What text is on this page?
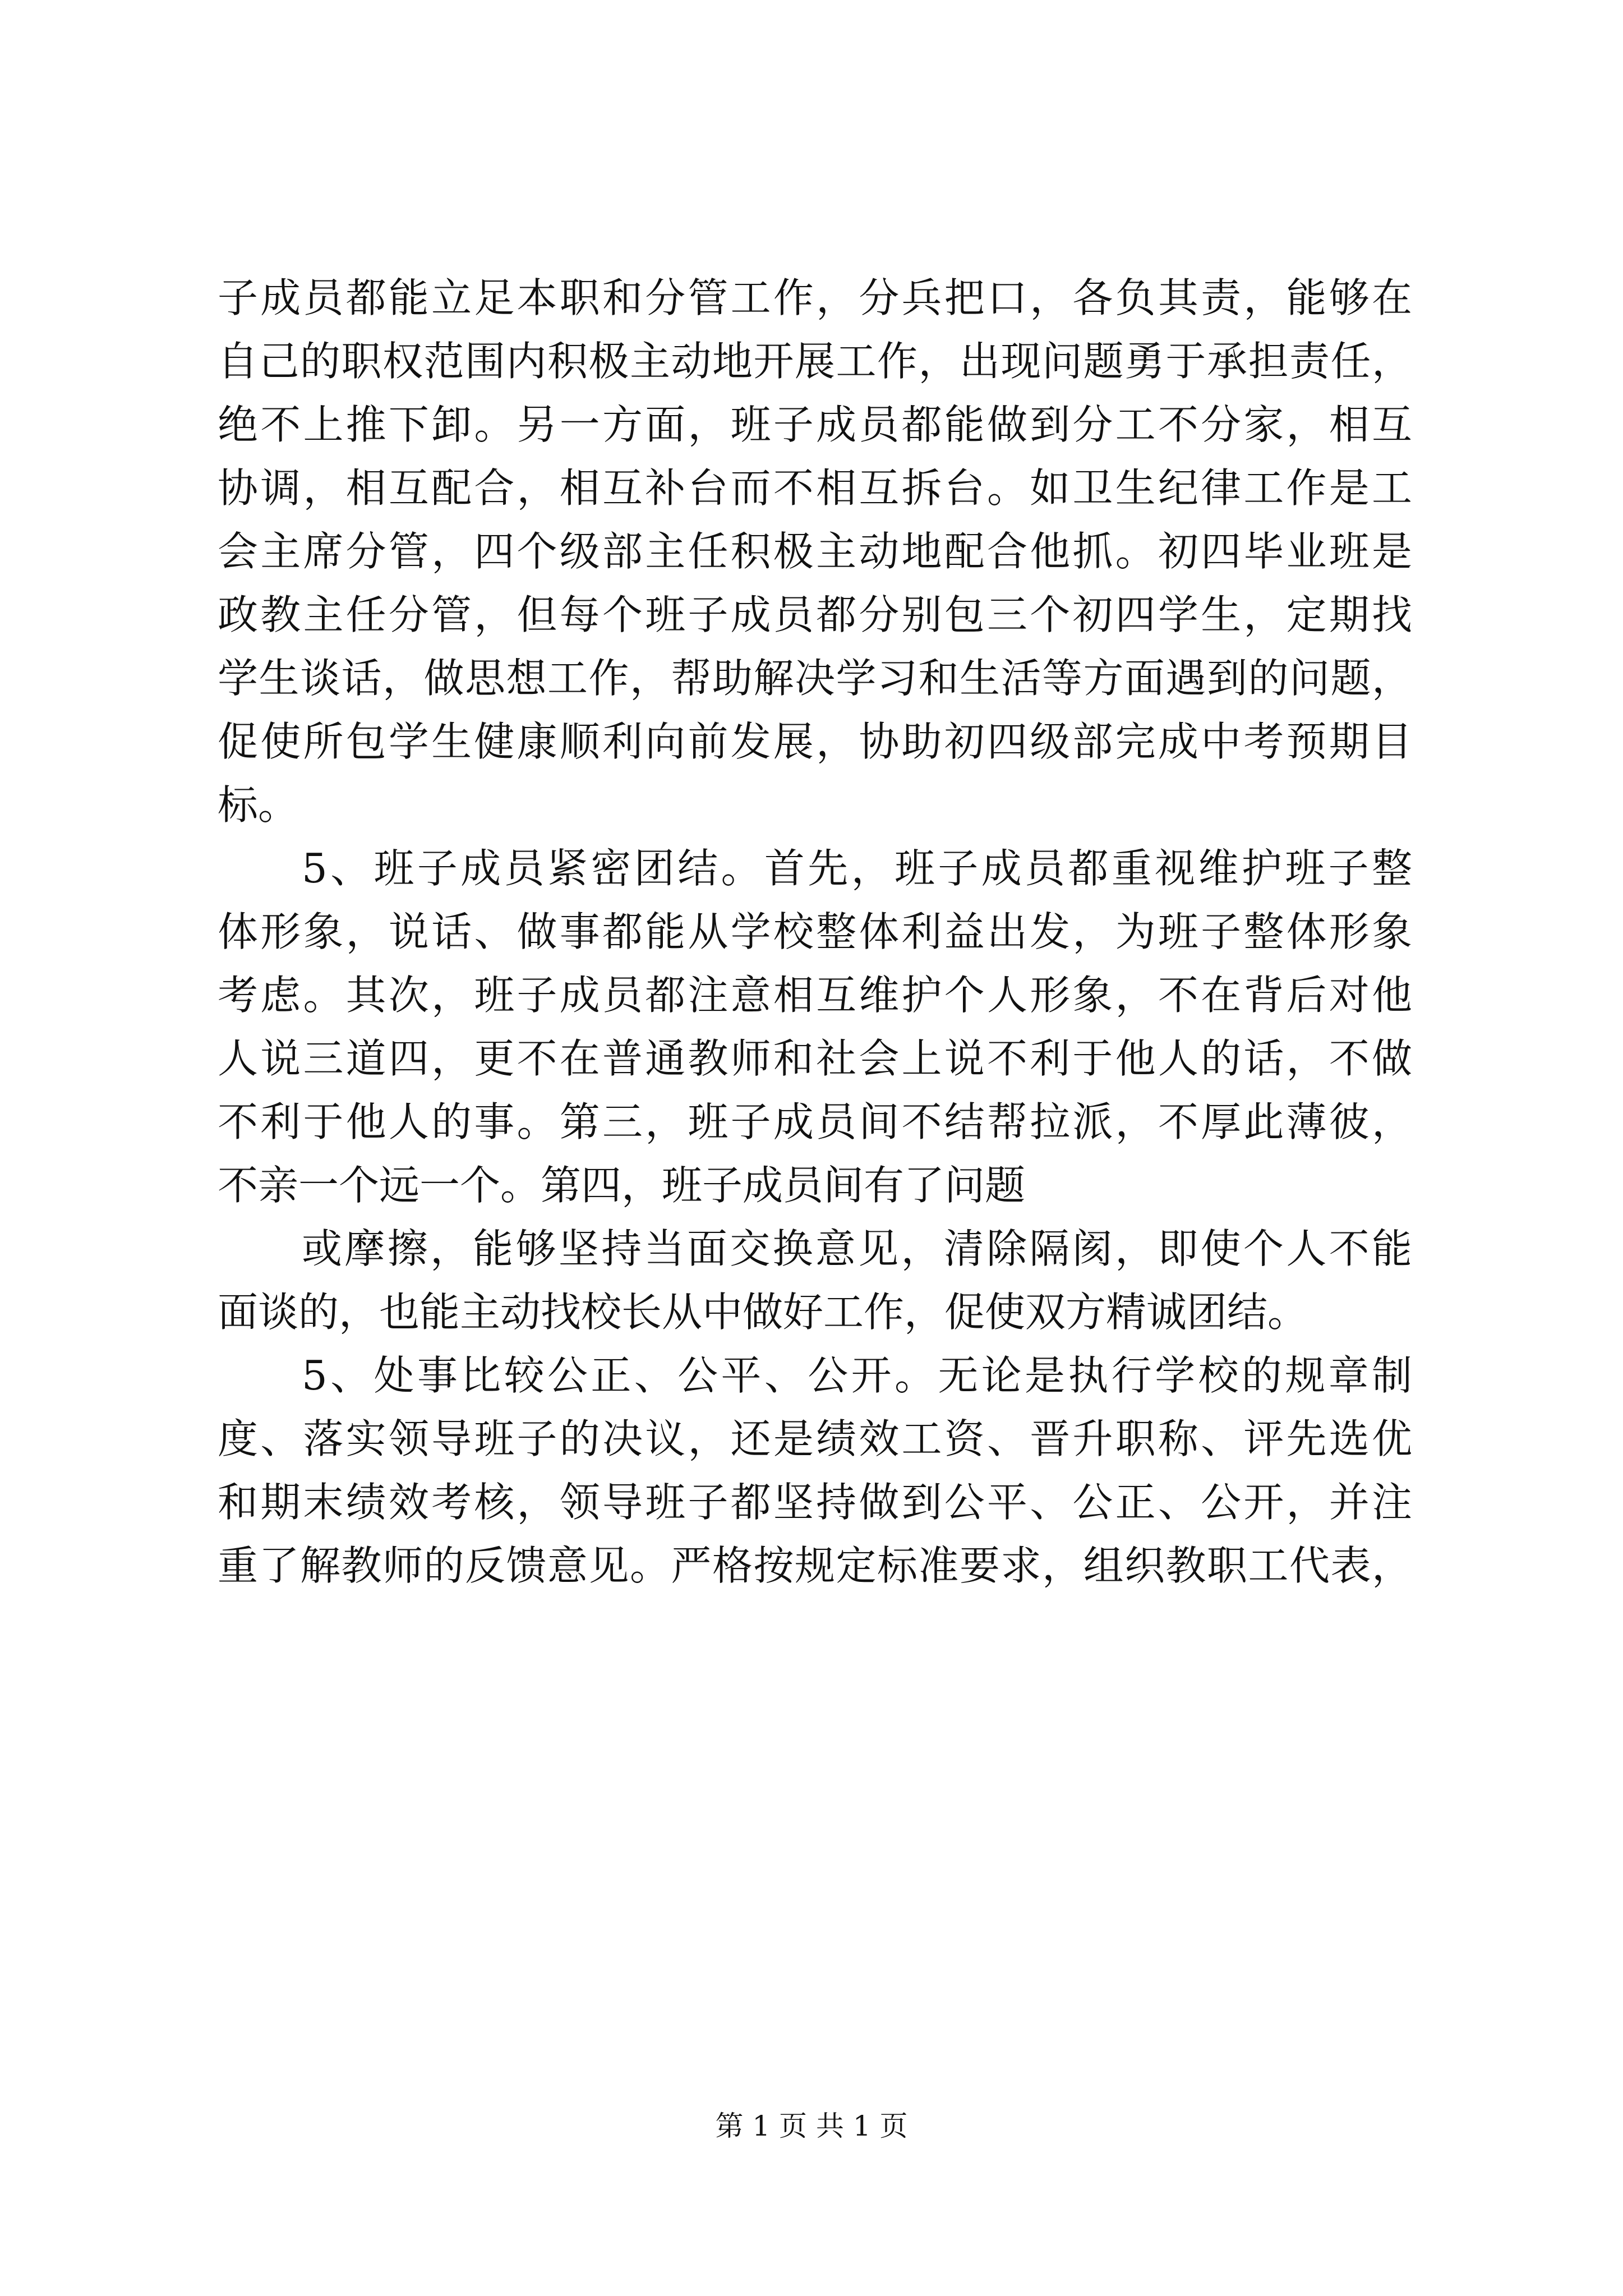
子成员都能立足本职和分管工作，分兵把口，各负其责，能够在
自己的职权范围内积极主动地开展工作，出现问题勇于承担责任，
绝不上推下卸。另一方面，班子成员都能做到分工不分家，相互
协调，相互配合，相互补台而不相互拆台。如卫生纪律工作是工
会主席分管，四个级部主任积极主动地配合他抓。初四毕业班是
政教主任分管，但每个班子成员都分别包三个初四学生，定期找
学生谈话，做思想工作，帮助解决学习和生活等方面遇到的问题，
促使所包学生健康顺利向前发展，协助初四级部完成中考预期目
标。
5、班子成员紧密团结。首先，班子成员都重视维护班子整
体形象，说话、做事都能从学校整体利益出发，为班子整体形象
考虑。其次，班子成员都注意相互维护个人形象，不在背后对他
人说三道四，更不在普通教师和社会上说不利于他人的话，不做
不利于他人的事。第三，班子成员间不结帮拉派，不厚此薄彼，
不亲一个远一个。第四，班子成员间有了问题
或摩擦，能够坚持当面交换意见，清除隔阂，即使个人不能
面谈的，也能主动找校长从中做好工作，促使双方精诚团结。
5、处事比较公正、公平、公开。无论是执行学校的规章制
度、落实领导班子的决议，还是绩效工资、晋升职称、评先选优
和期末绩效考核，领导班子都坚持做到公平、公正、公开，并注
重了解教师的反馈意见。严格按规定标准要求，组织教职工代表，
第 1 页 共 1 页
